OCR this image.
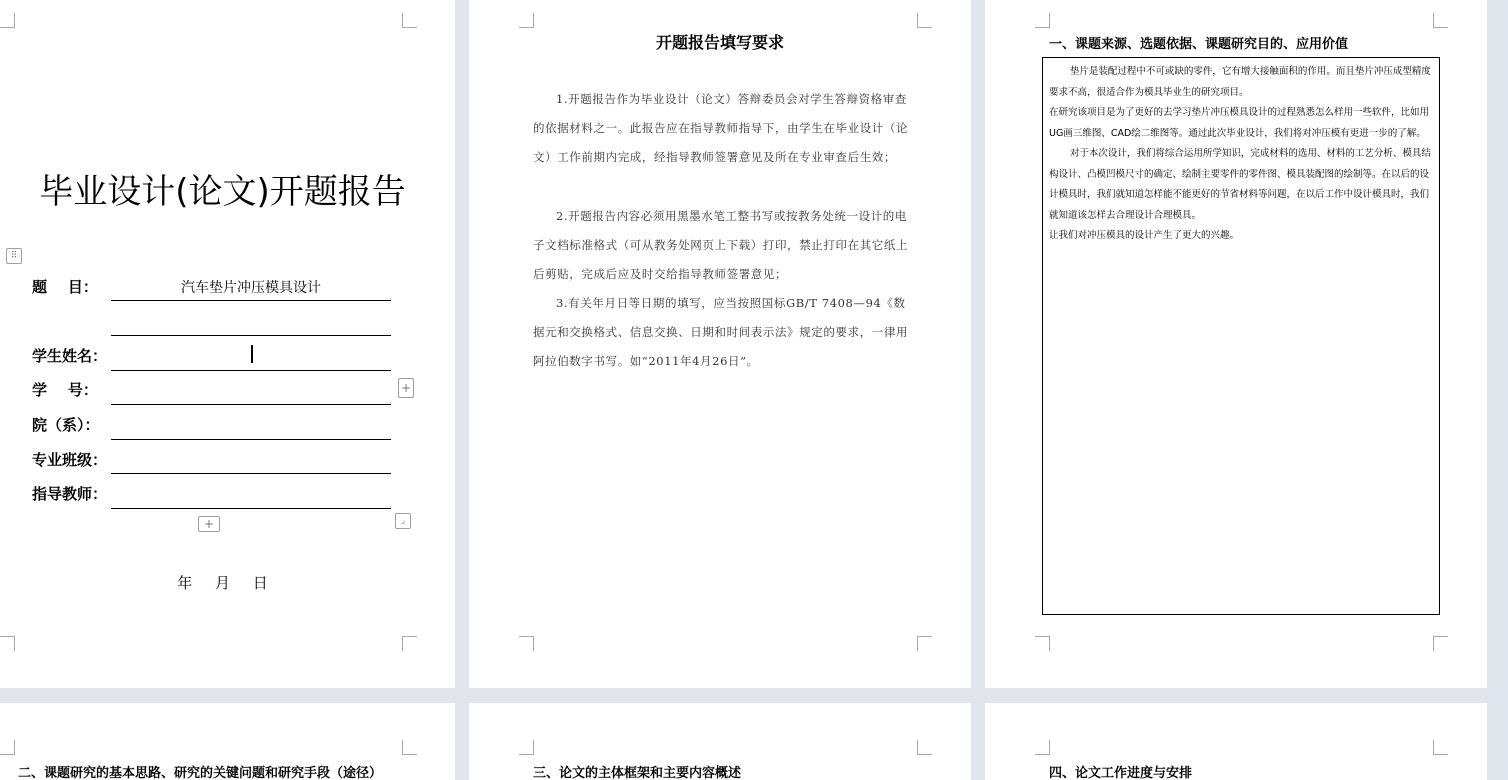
毕业设计(论文)开题报告
⠿
题    目：	汽车垫片冲压模具设计
学生姓名：
学    号：	+
院（系）：
专业班级：
指导教师：
+	⌟
年 月 日
开题报告填写要求
1.开题报告作为毕业设计（论文）答辩委员会对学生答辩资格审查的依据材料之一。此报告应在指导教师指导下，由学生在毕业设计（论文）工作前期内完成，经指导教师签署意见及所在专业审查后生效；
2.开题报告内容必须用黑墨水笔工整书写或按教务处统一设计的电子文档标准格式（可从教务处网页上下载）打印，禁止打印在其它纸上后剪贴，完成后应及时交给指导教师签署意见；
3.有关年月日等日期的填写，应当按照国标GB/T 7408—94《数据元和交换格式、信息交换、日期和时间表示法》规定的要求，一律用阿拉伯数字书写。如“2011年4月26日”。
一、课题来源、选题依据、课题研究目的、应用价值
垫片是装配过程中不可或缺的零件，它有增大接触面积的作用。而且垫片冲压成型精度要求不高，很适合作为模具毕业生的研究项目。
在研究该项目是为了更好的去学习垫片冲压模具设计的过程熟悉怎么样用一些软件，比如用UG画三维图、CAD绘二维图等。通过此次毕业设计，我们将对冲压模有更进一步的了解。
对于本次设计，我们将综合运用所学知识，完成材料的选用、材料的工艺分析、模具结构设计、凸模凹模尺寸的确定、绘制主要零件的零件图、模具装配图的绘制等。在以后的设计模具时，我们就知道怎样能不能更好的节省材料等问题，在以后工作中设计模具时，我们就知道该怎样去合理设计合理模具。
让我们对冲压模具的设计产生了更大的兴趣。
二、课题研究的基本思路、研究的关键问题和研究手段（途径）	三、论文的主体框架和主要内容概述	四、论文工作进度与安排
